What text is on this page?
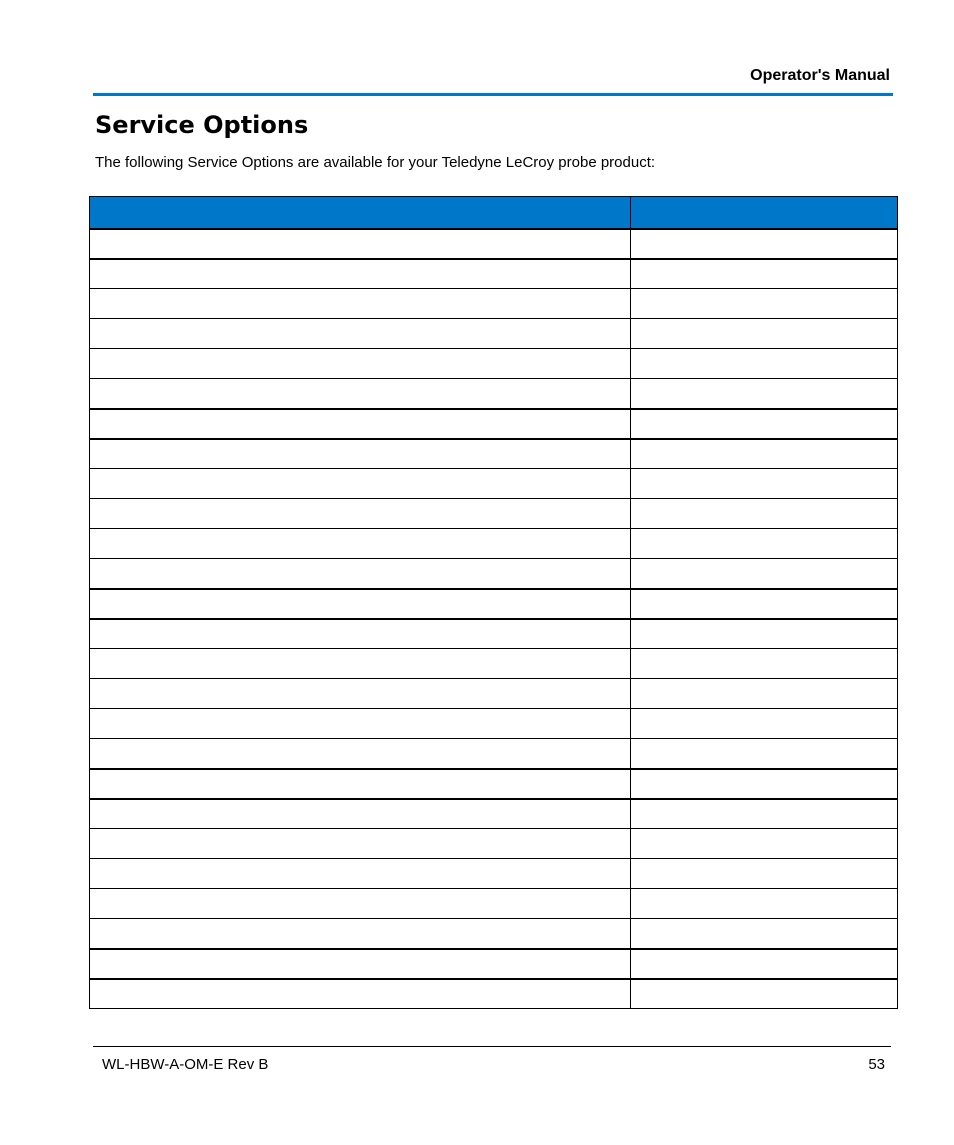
Operator's Manual
Service Options

The following Service Options are available for your Teledyne LeCroy probe product:

WL-HBW-A-OM-E Rev B	53
